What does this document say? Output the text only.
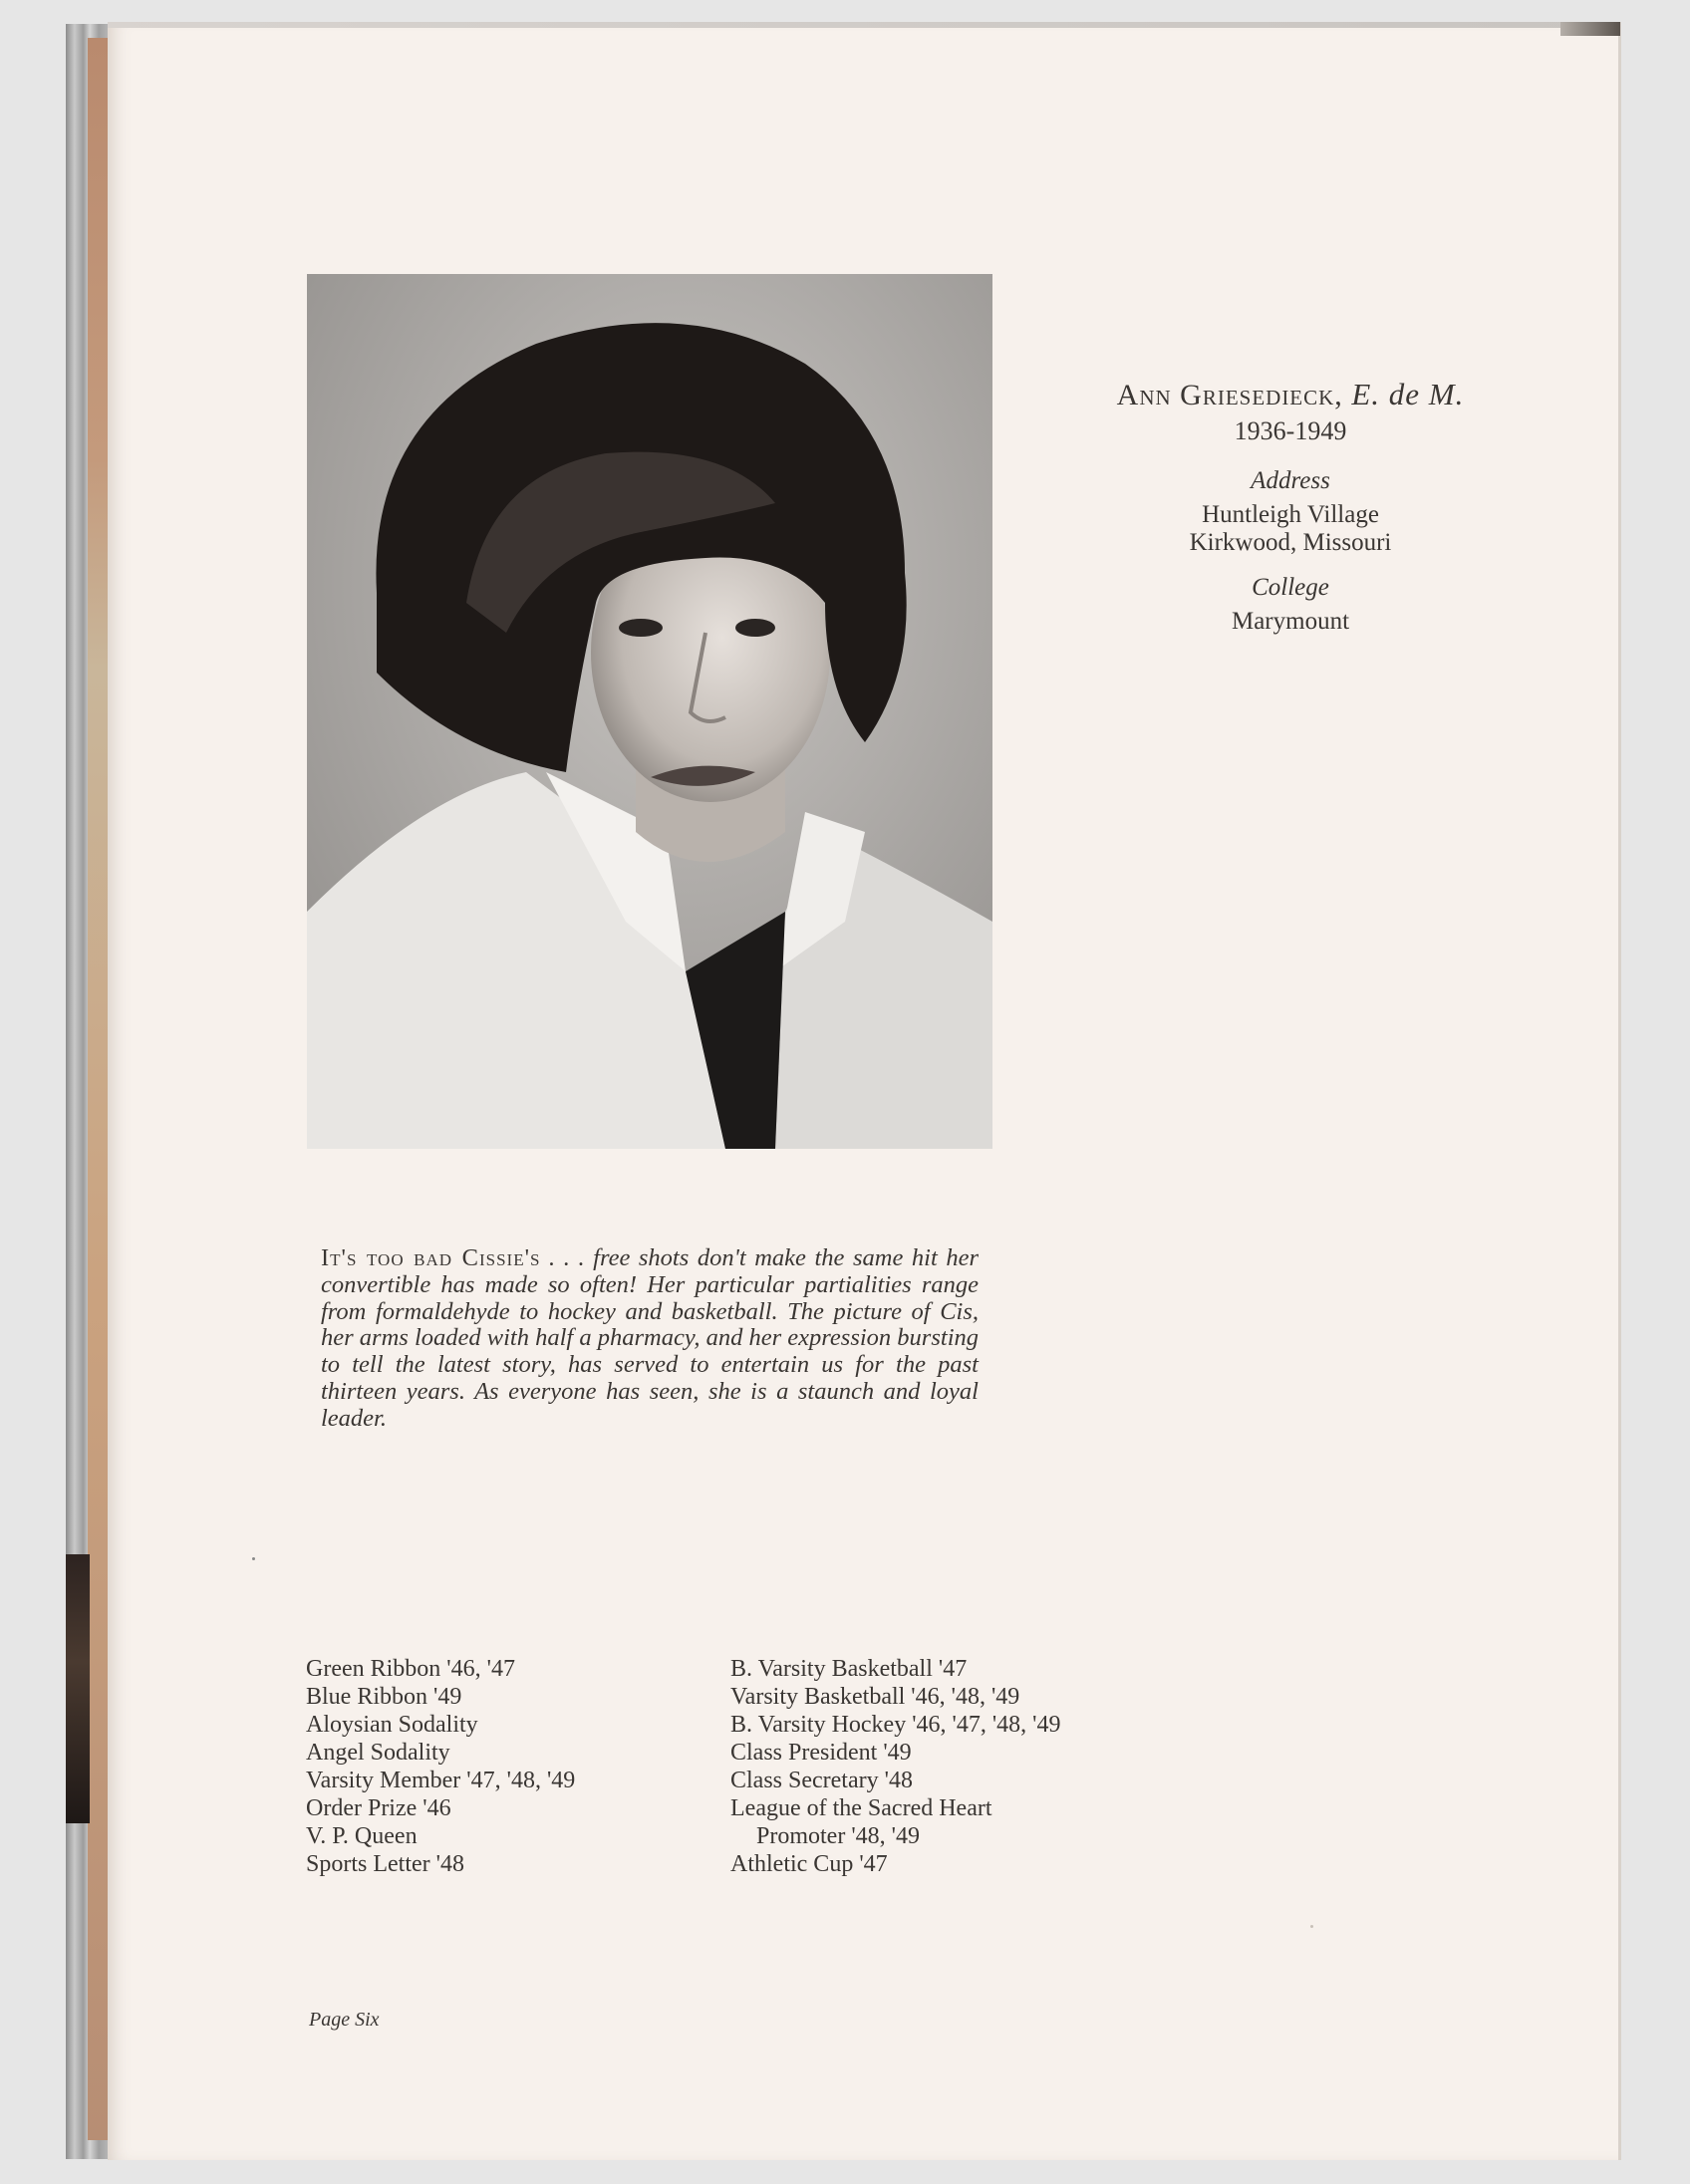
Ann Griesedieck, E. de M.
1936-1949
Address
Huntleigh Village
Kirkwood, Missouri
College
Marymount
It's too bad Cissie's . . . free shots don't make the same hit her convertible has made so often! Her particular partialities range from formaldehyde to hockey and basketball. The picture of Cis, her arms loaded with half a pharmacy, and her expression bursting to tell the latest story, has served to entertain us for the past thirteen years. As everyone has seen, she is a staunch and loyal leader.
Green Ribbon '46, '47
Blue Ribbon '49
Aloysian Sodality
Angel Sodality
Varsity Member '47, '48, '49
Order Prize '46
V. P. Queen
Sports Letter '48
B. Varsity Basketball '47
Varsity Basketball '46, '48, '49
B. Varsity Hockey '46, '47, '48, '49
Class President '49
Class Secretary '48
League of the Sacred Heart
Promoter '48, '49
Athletic Cup '47
Page Six
